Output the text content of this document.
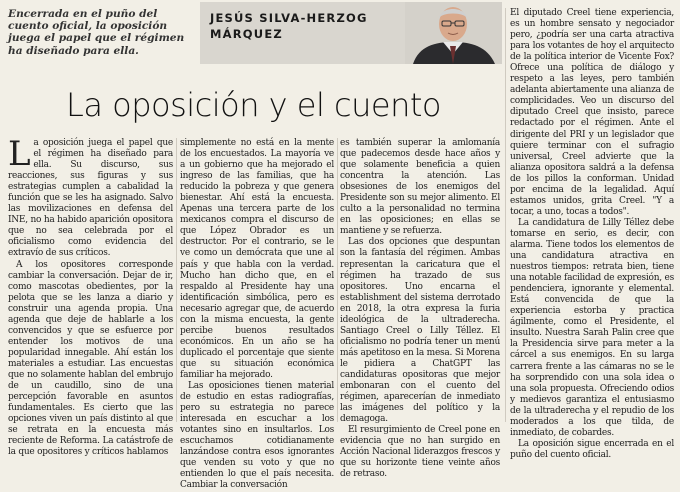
Encerrada en el puño del cuento oficial, la oposición juega el papel que el régimen ha diseñado para ella.
JESÚS SILVA-HERZOG
MÁRQUEZ
La oposición y el cuento

La oposición juega el papel que el régimen ha diseñado para ella. Su discurso, sus reacciones, sus figuras y sus estrategias cumplen a cabalidad la función que se les ha asignado. Salvo las movilizaciones en defensa del INE, no ha habido aparición opositora que no sea celebrada por el oficialismo como evidencia del extravío de sus críticos.

A los opositores corresponde cambiar la conversación. Dejar de ir, como mascotas obedientes, por la pelota que se les lanza a diario y construir una agenda propia. Una agenda que deje de hablarle a los convencidos y que se esfuerce por entender los motivos de una popularidad innegable. Ahí están los materiales a estudiar. Las encuestas que no solamente hablan del embrujo de un caudillo, sino de una percepción favorable en asuntos fundamentales. Es cierto que las opciones viven un país distinto al que se retrata en la encuesta más reciente de Reforma. La catástrofe de la que opositores y críticos hablamos

simplemente no está en la mente de los encuestados. La mayoría ve a un gobierno que ha mejorado el ingreso de las familias, que ha reducido la pobreza y que genera bienestar. Ahí está la encuesta. Apenas una tercera parte de los mexicanos compra el discurso de que López Obrador es un destructor. Por el contrario, se le ve como un demócrata que une al país y que habla con la verdad. Mucho han dicho que, en el respaldo al Presidente hay una identificación simbólica, pero es necesario agregar que, de acuerdo con la misma encuesta, la gente percibe buenos resultados económicos. En un año se ha duplicado el porcentaje que siente que su situación económica familiar ha mejorado.

Las oposiciones tienen material de estudio en estas radiografías, pero su estrategia no parece interesada en escuchar a los votantes sino en insultarlos. Los escuchamos cotidianamente lanzándose contra esos ignorantes que venden su voto y que no entienden lo que el país necesita. Cambiar la conversación

es también superar la amlomanía que padecemos desde hace años y que solamente beneficia a quien concentra la atención. Las obsesiones de los enemigos del Presidente son su mejor alimento. El culto a la personalidad no termina en las oposiciones; en ellas se mantiene y se refuerza.

Las dos opciones que despuntan son la fantasía del régimen. Ambas representan la caricatura que el régimen ha trazado de sus opositores. Uno encarna el establishment del sistema derrotado en 2018, la otra expresa la furia ideológica de la ultraderecha. Santiago Creel o Lilly Téllez. El oficialismo no podría tener un menú más apetitoso en la mesa. Si Morena le pidiera a ChatGPT las candidaturas opositoras que mejor embonaran con el cuento del régimen, aparecerían de inmediato las imágenes del político y la demagoga.

El resurgimiento de Creel pone en evidencia que no han surgido en Acción Nacional liderazgos frescos y que su horizonte tiene veinte años de retraso.

El diputado Creel tiene experiencia, es un hombre sensato y negociador pero, ¿podría ser una carta atractiva para los votantes de hoy el arquitecto de la política interior de Vicente Fox? Ofrece una política de diálogo y respeto a las leyes, pero también adelanta abiertamente una alianza de complicidades. Veo un discurso del diputado Creel que insisto, parece redactado por el régimen. Ante el dirigente del PRI y un legislador que quiere terminar con el sufragio universal, Creel advierte que la alianza opositora saldrá a la defensa de los pillos la conforman. Unidad por encima de la legalidad. Aquí estamos unidos, grita Creel. "Y a tocar, a uno, tocas a todos".

La candidatura de Lilly Téllez debe tomarse en serio, es decir, con alarma. Tiene todos los elementos de una candidatura atractiva en nuestros tiempos: retrata bien, tiene una notable facilidad de expresión, es pendenciera, ignorante y elemental. Está convencida de que la experiencia estorba y practica ágilmente, como el Presidente, el insulto. Nuestra Sarah Palin cree que la Presidencia sirve para meter a la cárcel a sus enemigos. En su larga carrera frente a las cámaras no se le ha sorprendido con una sola idea o una sola propuesta. Ofreciendo odios y medievos garantiza el entusiasmo de la ultraderecha y el repudio de los moderados a los que tilda, de inmediato, de cobardes.

La oposición sigue encerrada en el puño del cuento oficial.
